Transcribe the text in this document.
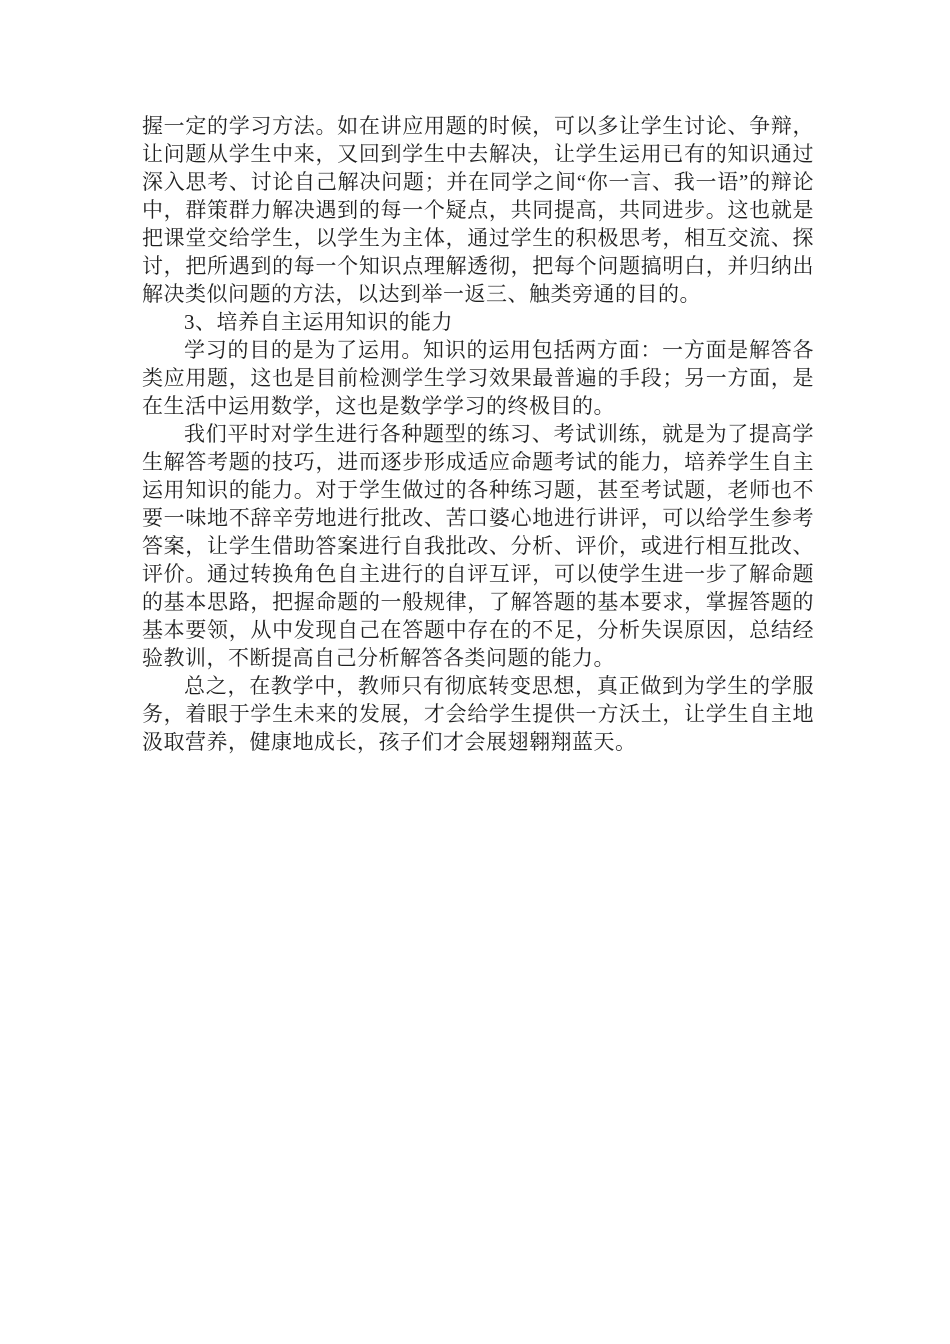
握一定的学习方法。如在讲应用题的时候，可以多让学生讨论、争辩，让问题从学生中来，又回到学生中去解决，让学生运用已有的知识通过深入思考、讨论自己解决问题；并在同学之间“你一言、我一语”的辩论中，群策群力解决遇到的每一个疑点，共同提高，共同进步。这也就是把课堂交给学生，以学生为主体，通过学生的积极思考，相互交流、探讨，把所遇到的每一个知识点理解透彻，把每个问题搞明白，并归纳出解决类似问题的方法，以达到举一返三、触类旁通的目的。

3、培养自主运用知识的能力

学习的目的是为了运用。知识的运用包括两方面：一方面是解答各类应用题，这也是目前检测学生学习效果最普遍的手段；另一方面，是在生活中运用数学，这也是数学学习的终极目的。

我们平时对学生进行各种题型的练习、考试训练，就是为了提高学生解答考题的技巧，进而逐步形成适应命题考试的能力，培养学生自主运用知识的能力。对于学生做过的各种练习题，甚至考试题，老师也不要一味地不辞辛劳地进行批改、苦口婆心地进行讲评，可以给学生参考答案，让学生借助答案进行自我批改、分析、评价，或进行相互批改、评价。通过转换角色自主进行的自评互评，可以使学生进一步了解命题的基本思路，把握命题的一般规律，了解答题的基本要求，掌握答题的基本要领，从中发现自己在答题中存在的不足，分析失误原因，总结经验教训，不断提高自己分析解答各类问题的能力。

总之，在教学中，教师只有彻底转变思想，真正做到为学生的学服务，着眼于学生未来的发展，才会给学生提供一方沃土，让学生自主地汲取营养，健康地成长，孩子们才会展翅翱翔蓝天。
